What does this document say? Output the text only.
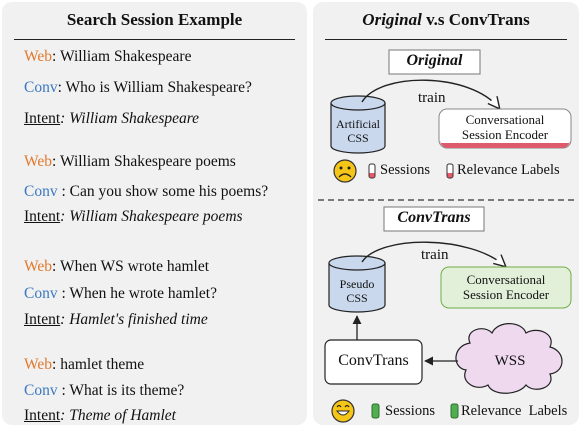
Search Session Example
Web: William Shakespeare
Conv: Who is William Shakespeare?
Intent: William Shakespeare
Web: William Shakespeare poems
Conv : Can you show some his poems?
Intent: William Shakespeare poems
Web: When WS wrote hamlet
Conv : When he wrote hamlet?
Intent: Hamlet's finished time
Web: hamlet theme
Conv : What is its theme?
Intent: Theme of Hamlet
Original v.s ConvTrans
Original
Artificial
CSS
train
Conversational
Session Encoder
Sessions Relevance Labels
ConvTrans
train
Pseudo
CSS
Conversational
Session Encoder
ConvTrans	WSS
Sessions Relevance  Labels
